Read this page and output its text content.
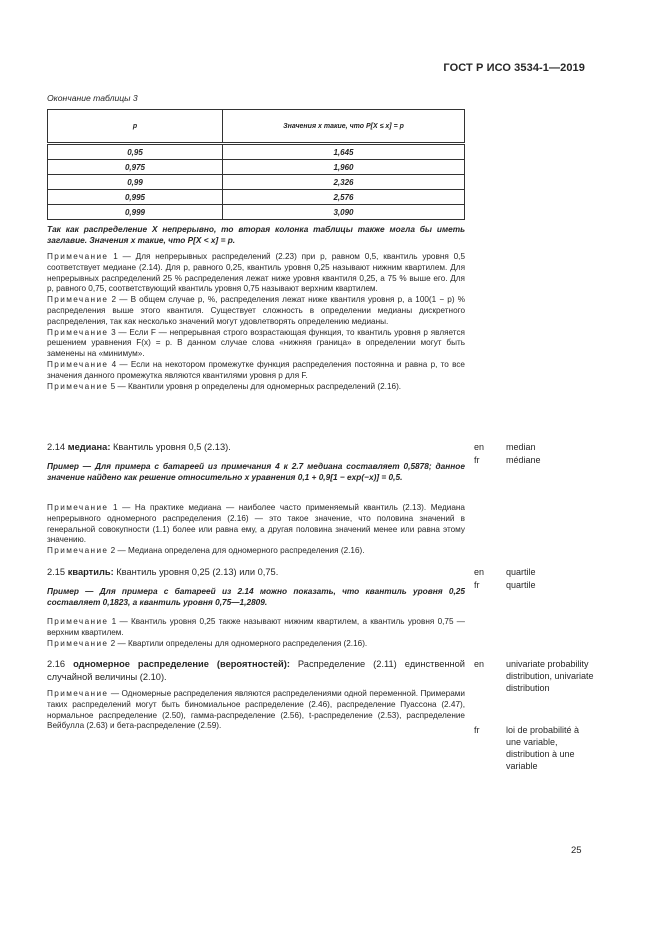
ГОСТ Р ИСО 3534-1—2019
Окончание таблицы 3
p	Значения x такие, что P[X ≤ x] = p
0,95	1,645
0,975	1,960
0,99	2,326
0,995	2,576
0,999	3,090
Так как распределение X непрерывно, то вторая колонка таблицы также могла бы иметь заглавие. Значения x такие, что P[X < x] = p.
Примечание 1 — Для непрерывных распределений (2.23) при p, равном 0,5, квантиль уровня 0,5 соответствует медиане (2.14). Для p, равного 0,25, квантиль уровня 0,25 называют нижним квартилем. Для непрерывных распределений 25 % распределения лежат ниже уровня квантиля 0,25, а 75 % выше его. Для p, равного 0,75, соответствующий квантиль уровня 0,75 называют верхним квартилем.
Примечание 2 — В общем случае p, %, распределения лежат ниже квантиля уровня p, а 100(1 − p) % распределения выше этого квантиля. Существует сложность в определении медианы дискретного распределения, так как несколько значений могут удовлетворять определению медианы.
Примечание 3 — Если F — непрерывная строго возрастающая функция, то квантиль уровня p является решением уравнения F(x) = p. В данном случае слова «нижняя граница» в определении могут быть заменены на «минимум».
Примечание 4 — Если на некотором промежутке функция распределения постоянна и равна p, то все значения данного промежутка являются квантилями уровня p для F.
Примечание 5 — Квантили уровня p определены для одномерных распределений (2.16).
2.14 медиана: Квантиль уровня 0,5 (2.13).
Пример — Для примера с батареей из примечания 4 к 2.7 медиана составляет 0,5878; данное значение найдено как решение относительно x уравнения 0,1 + 0,9[1 − exp(−x)] = 0,5.
Примечание 1 — На практике медиана — наиболее часто применяемый квантиль (2.13). Медиана непрерывного одномерного распределения (2.16) — это такое значение, что половина значений в генеральной совокупности (1.1) более или равна ему, а другая половина значений менее или равна этому значению.
Примечание 2 — Медиана определена для одномерного распределения (2.16).
en median
fr	médiane
2.15 квартиль: Квантиль уровня 0,25 (2.13) или 0,75.
Пример — Для примера с батареей из 2.14 можно показать, что квантиль уровня 0,25 составляет 0,1823, а квантиль уровня 0,75—1,2809.
Примечание 1 — Квантиль уровня 0,25 также называют нижним квартилем, а квантиль уровня 0,75 — верхним квартилем.
Примечание 2 — Квартили определены для одномерного распределения (2.16).
en quartile
fr	quartile
2.16 одномерное распределение (вероятностей): Распределение (2.11) единственной случайной величины (2.10).
Примечание — Одномерные распределения являются распределениями одной переменной. Примерами таких распределений могут быть биномиальное распределение (2.46), распределение Пуассона (2.47), нормальное распределение (2.50), гамма-распределение (2.56), t-распределение (2.53), распределение Вейбулла (2.63) и бета-распределение (2.59).
en univariate probability distribution, univariate distribution
fr	loi de probabilité à une variable, distribution à une variable
25
